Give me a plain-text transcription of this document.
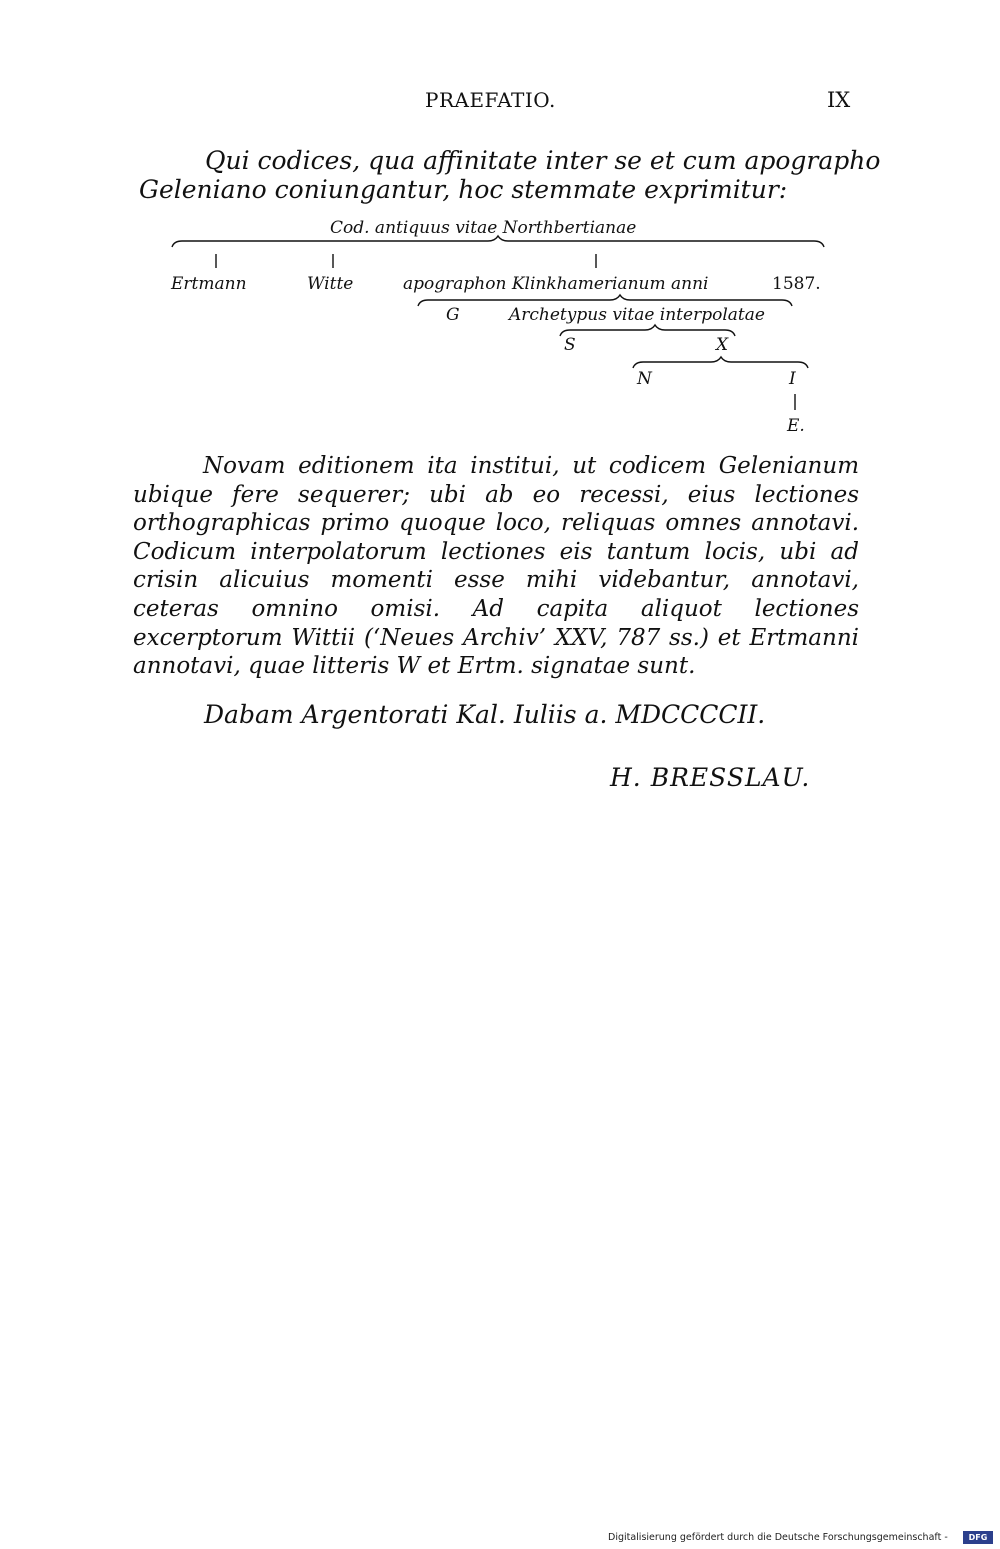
PRAEFATIO.	IX
Qui codices, qua affinitate inter se et cum apographo
Geleniano coniungantur, hoc stemmate exprimitur:
Cod. antiquus vitae Northbertianae
Ertmann	Witte	apographon Klinkhamerianum anni	1587.
G	Archetypus vitae interpolatae
S	X
N	I
E.
Novam editionem ita institui, ut codicem Gelenianum ubique fere sequerer; ubi ab eo recessi, eius lectiones orthographicas primo quoque loco, reliquas omnes annotavi. Codicum interpolatorum lectiones eis tantum locis, ubi ad crisin alicuius momenti esse mihi videbantur, annotavi, ceteras omnino omisi. Ad capita aliquot lectiones excerptorum Wittii (‘Neues Archiv’ XXV, 787 ss.) et Ertmanni annotavi, quae litteris W et Ertm. signatae sunt.
Dabam Argentorati Kal. Iuliis a. MDCCCCII.
H. BRESSLAU.
Digitalisierung gefördert durch die Deutsche Forschungsgemeinschaft -	DFG
